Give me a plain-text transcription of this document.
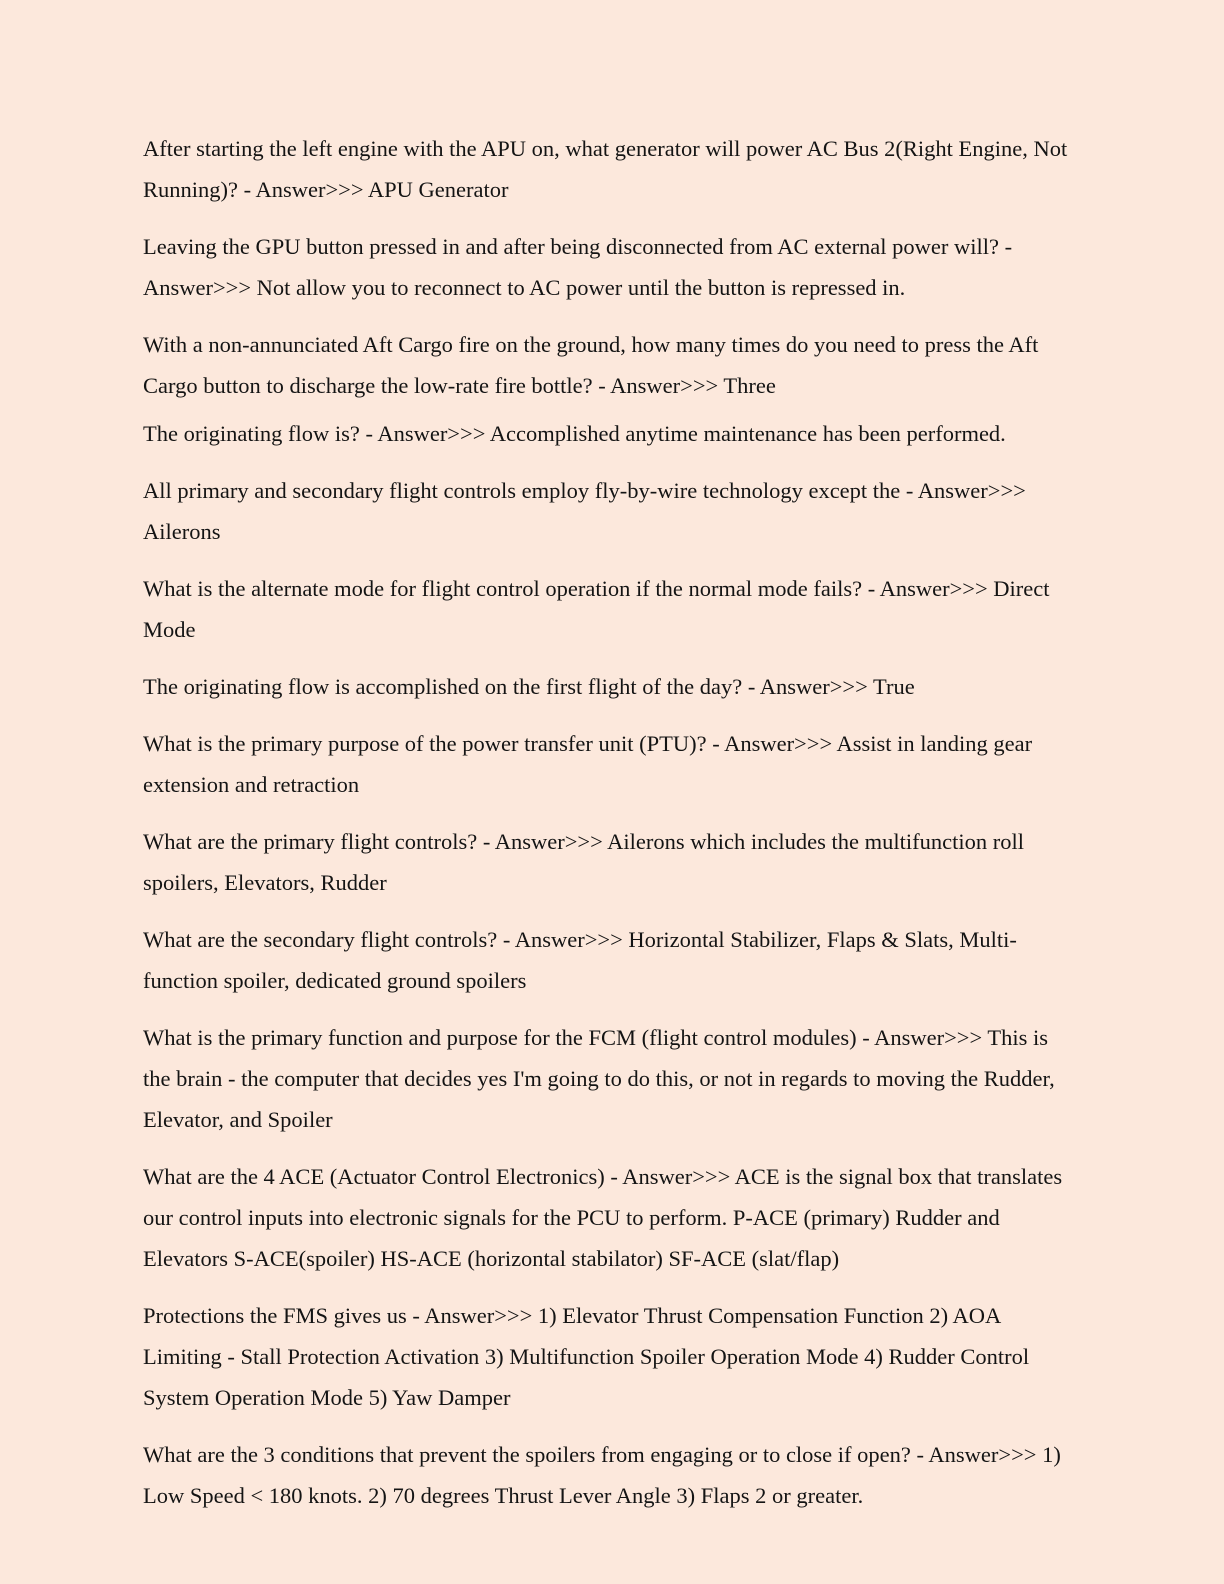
After starting the left engine with the APU on, what generator will power AC Bus 2(Right Engine, Not Running)? - Answer>>> APU Generator

Leaving the GPU button pressed in and after being disconnected from AC external power will? - Answer>>> Not allow you to reconnect to AC power until the button is repressed in.

With a non-annunciated Aft Cargo fire on the ground, how many times do you need to press the Aft Cargo button to discharge the low-rate fire bottle? - Answer>>> Three

The originating flow is? - Answer>>> Accomplished anytime maintenance has been performed.

All primary and secondary flight controls employ fly-by-wire technology except the - Answer>>> Ailerons

What is the alternate mode for flight control operation if the normal mode fails? - Answer>>> Direct Mode

The originating flow is accomplished on the first flight of the day? - Answer>>> True

What is the primary purpose of the power transfer unit (PTU)? - Answer>>> Assist in landing gear extension and retraction

What are the primary flight controls? - Answer>>> Ailerons which includes the multifunction roll spoilers, Elevators, Rudder

What are the secondary flight controls? - Answer>>> Horizontal Stabilizer, Flaps & Slats, Multi-function spoiler, dedicated ground spoilers

What is the primary function and purpose for the FCM (flight control modules) - Answer>>> This is the brain - the computer that decides yes I'm going to do this, or not in regards to moving the Rudder, Elevator, and Spoiler

What are the 4 ACE (Actuator Control Electronics) - Answer>>> ACE is the signal box that translates our control inputs into electronic signals for the PCU to perform. P-ACE (primary) Rudder and Elevators S-ACE(spoiler) HS-ACE (horizontal stabilator) SF-ACE (slat/flap)

Protections the FMS gives us - Answer>>> 1) Elevator Thrust Compensation Function 2) AOA Limiting - Stall Protection Activation 3) Multifunction Spoiler Operation Mode 4) Rudder Control System Operation Mode 5) Yaw Damper

What are the 3 conditions that prevent the spoilers from engaging or to close if open? - Answer>>> 1) Low Speed < 180 knots. 2) 70 degrees Thrust Lever Angle 3) Flaps 2 or greater.
